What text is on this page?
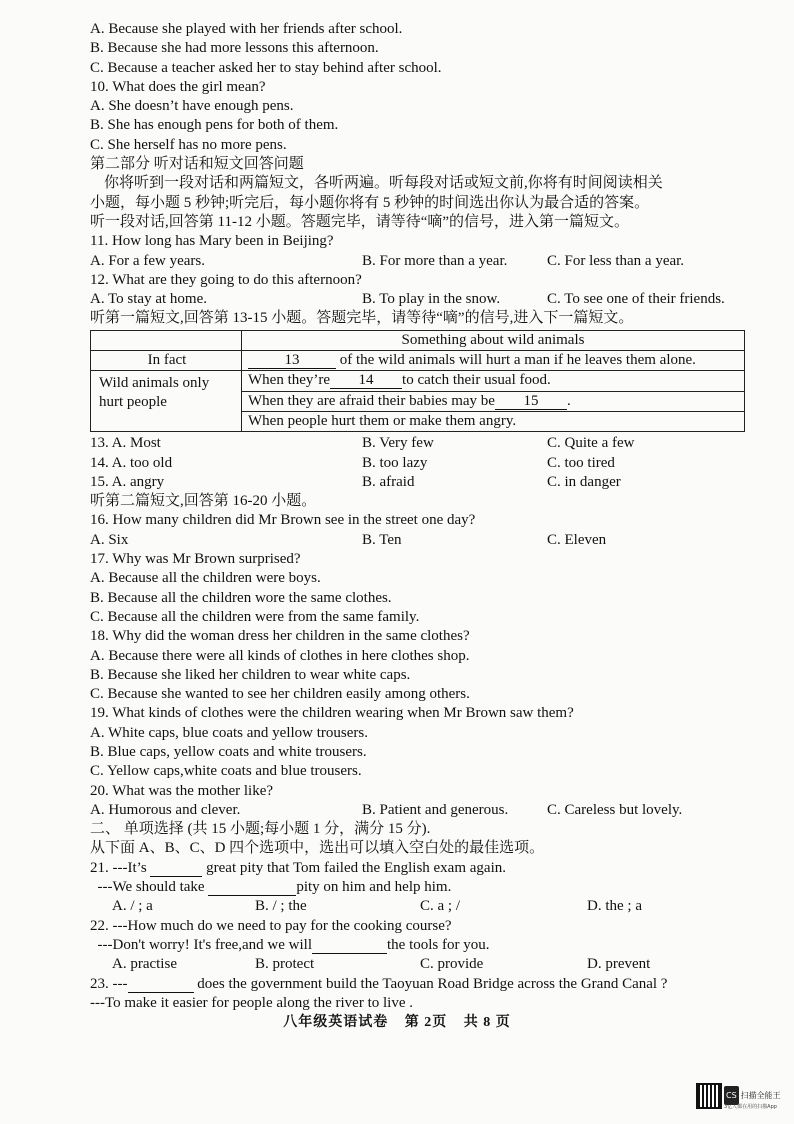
A. Because she played with her friends after school.
B. Because she had more lessons this afternoon.
C. Because a teacher asked her to stay behind after school.
10. What does the girl mean?
A. She doesn’t have enough pens.
B. She has enough pens for both of them.
C. She herself has no more pens.
第二部分 听对话和短文回答问题
你将听到一段对话和两篇短文，各听两遍。听每段对话或短文前,你将有时间阅读相关
小题，每小题 5 秒钟;听完后，每小题你将有 5 秒钟的时间选出你认为最合适的答案。
听一段对话,回答第 11-12 小题。答题完毕，请等待“嘀”的信号，进入第一篇短文。
11. How long has Mary been in Beijing?
A. For a few years.	B. For more than a year.	C. For less than a year.
12. What are they going to do this afternoon?
A. To stay at home.	B. To play in the snow.	C. To see one of their friends.
听第一篇短文,回答第 13-15 小题。答题完毕，请等待“嘀”的信号,进入下一篇短文。
	Something about wild animals
In fact	13 of the wild animals will hurt a man if he leaves them alone.

Wild animals only
hurt people	When they’re 14 to catch their usual food.
	When they are afraid their babies may be 15 .
	When people hurt them or make them angry.
13. A. Most	B. Very few	C. Quite a few
14. A. too old	B. too lazy	C. too tired
15. A. angry	B. afraid	C. in danger
听第二篇短文,回答第 16-20 小题。
16. How many children did Mr Brown see in the street one day?
A. Six	B. Ten	C. Eleven
17. Why was Mr Brown surprised?
A. Because all the children were boys.
B. Because all the children wore the same clothes.
C. Because all the children were from the same family.
18. Why did the woman dress her children in the same clothes?
A. Because there were all kinds of clothes in here clothes shop.
B. Because she liked her children to wear white caps.
C. Because she wanted to see her children easily among others.
19. What kinds of clothes were the children wearing when Mr Brown saw them?
A. White caps, blue coats and yellow trousers.
B. Blue caps, yellow coats and white trousers.
C. Yellow caps,white coats and blue trousers.
20. What was the mother like?
A. Humorous and clever.	B. Patient and generous.	C. Careless but lovely.
二、 单项选择 (共 15 小题;每小题 1 分，满分 15 分).
从下面 A、B、C、D 四个选项中，选出可以填入空白处的最佳选项。
21. ---It’s	great pity that Tom failed the English exam again.
---We should take	pity on him and help him.
A. / ; a	B. / ; the	C. a ; /	D. the ; a
22. ---How much do we need to pay for the cooking course?
---Don't worry! It's free,and we will	the tools for you.
A. practise	B. protect	C. provide	D. prevent
23. ---	does the government build the Taoyuan Road Bridge across the Grand Canal ?
---To make it easier for people along the river to live .
八年级英语试卷 第 2页 共 8 页
CS 扫描全能王
3亿人都在用的扫描App
